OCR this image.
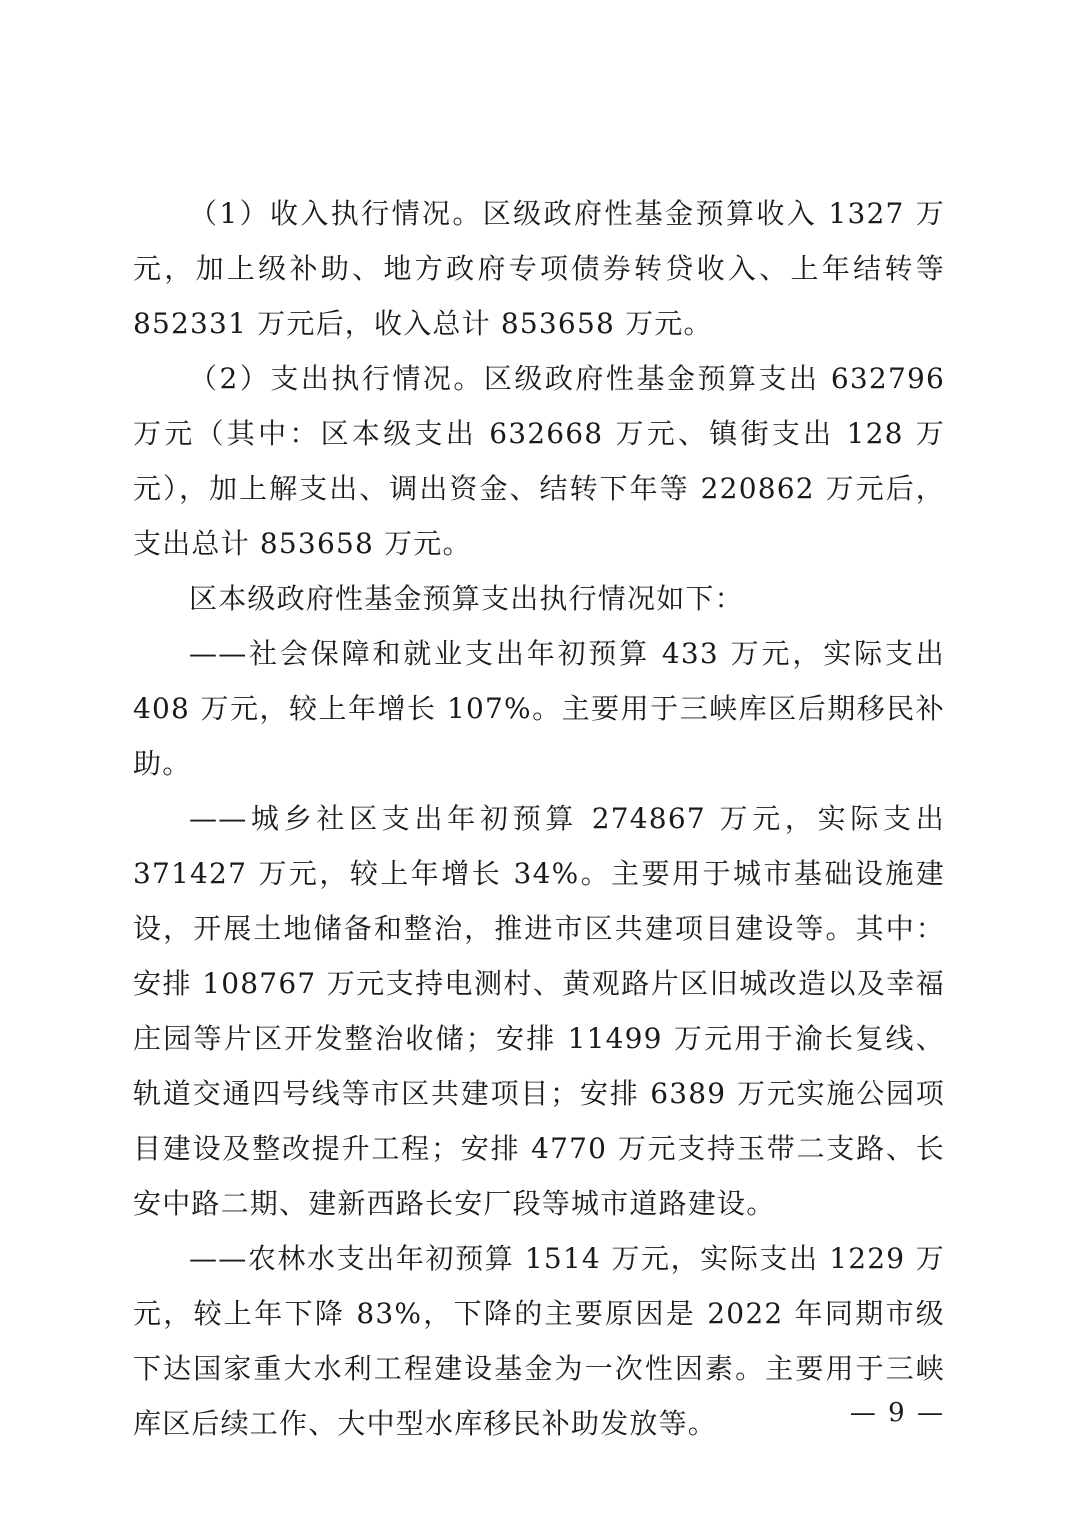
（1）收入执行情况。区级政府性基金预算收入 1327 万元，加上级补助、地方政府专项债券转贷收入、上年结转等 852331 万元后，收入总计 853658 万元。

（2）支出执行情况。区级政府性基金预算支出 632796 万元（其中：区本级支出 632668 万元、镇街支出 128 万元），加上解支出、调出资金、结转下年等 220862 万元后，支出总计 853658 万元。

区本级政府性基金预算支出执行情况如下：

——社会保障和就业支出年初预算 433 万元，实际支出 408 万元，较上年增长 107%。主要用于三峡库区后期移民补助。

——城乡社区支出年初预算 274867 万元，实际支出 371427 万元，较上年增长 34%。主要用于城市基础设施建设，开展土地储备和整治，推进市区共建项目建设等。其中：安排 108767 万元支持电测村、黄观路片区旧城改造以及幸福庄园等片区开发整治收储；安排 11499 万元用于渝长复线、轨道交通四号线等市区共建项目；安排 6389 万元实施公园项目建设及整改提升工程；安排 4770 万元支持玉带二支路、长安中路二期、建新西路长安厂段等城市道路建设。

——农林水支出年初预算 1514 万元，实际支出 1229 万元，较上年下降 83%，下降的主要原因是 2022 年同期市级下达国家重大水利工程建设基金为一次性因素。主要用于三峡库区后续工作、大中型水库移民补助发放等。	— 9 —
